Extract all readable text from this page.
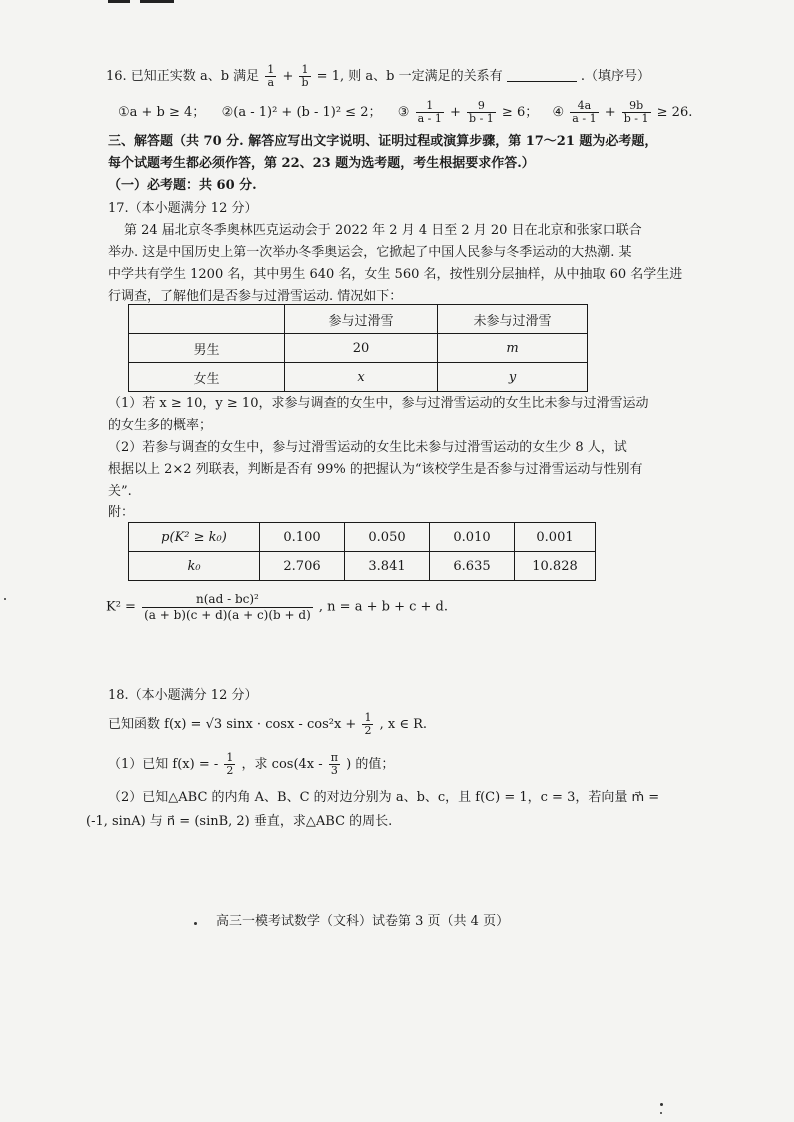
16. 已知正实数 a、b 满足 $\frac{1}{a} + \frac{1}{b} = 1$, 则 a、b 一定满足的关系有	.（填序号）
①a + b ≥ 4； ②(a - 1)² + (b - 1)² ≤ 2； ③ $\frac{1}{a - 1} + \frac{9}{b - 1} \ge 6$； ④ $\frac{4a}{a - 1} + \frac{9b}{b - 1} \ge 26$.
三、解答题（共 70 分. 解答应写出文字说明、证明过程或演算步骤，第 17～21 题为必考题，
每个试题考生都必须作答，第 22、23 题为选考题，考生根据要求作答.）
（一）必考题：共 60 分.
17.（本小题满分 12 分）
第 24 届北京冬季奥林匹克运动会于 2022 年 2 月 4 日至 2 月 20 日在北京和张家口联合
举办. 这是中国历史上第一次举办冬季奥运会，它掀起了中国人民参与冬季运动的大热潮. 某
中学共有学生 1200 名，其中男生 640 名，女生 560 名，按性别分层抽样，从中抽取 60 名学生进
行调查，了解他们是否参与过滑雪运动. 情况如下：
	参与过滑雪	未参与过滑雪
男生	20	m
女生	x	y
（1）若 x ≥ 10，y ≥ 10，求参与调查的女生中，参与过滑雪运动的女生比未参与过滑雪运动
的女生多的概率；
（2）若参与调查的女生中，参与过滑雪运动的女生比未参与过滑雪运动的女生少 8 人，试
根据以上 2×2 列联表，判断是否有 99% 的把握认为“该校学生是否参与过滑雪运动与性别有
关”.
附：
p(K² ≥ k₀)	0.100	0.050	0.010	0.001
k₀	2.706	3.841	6.635	10.828
$K^2 = \frac{\text{n(ad - bc)²}}{(a + b)(c + d)(a + c)(b + d)}$ , n = a + b + c + d.
18.（本小题满分 12 分）
已知函数 f(x) = √3 $\sin x \cdot \cos x - \cos^2x + \frac{1}{2}$ , x ∈ R.
（1）已知 f(x) = - $\frac{1}{2}$ ，求 $\cos(4x - \frac{\pi}{3}$ ) 的值；
（2）已知△ABC 的内角 A、B、C 的对边分别为 a、b、c，且 f(C) = 1，c = 3，若向量 m⃗ =
(-1, sinA) 与 n⃗ = (sinB, 2) 垂直，求△ABC 的周长.
高三一模考试数学（文科）试卷第 3 页（共 4 页）
